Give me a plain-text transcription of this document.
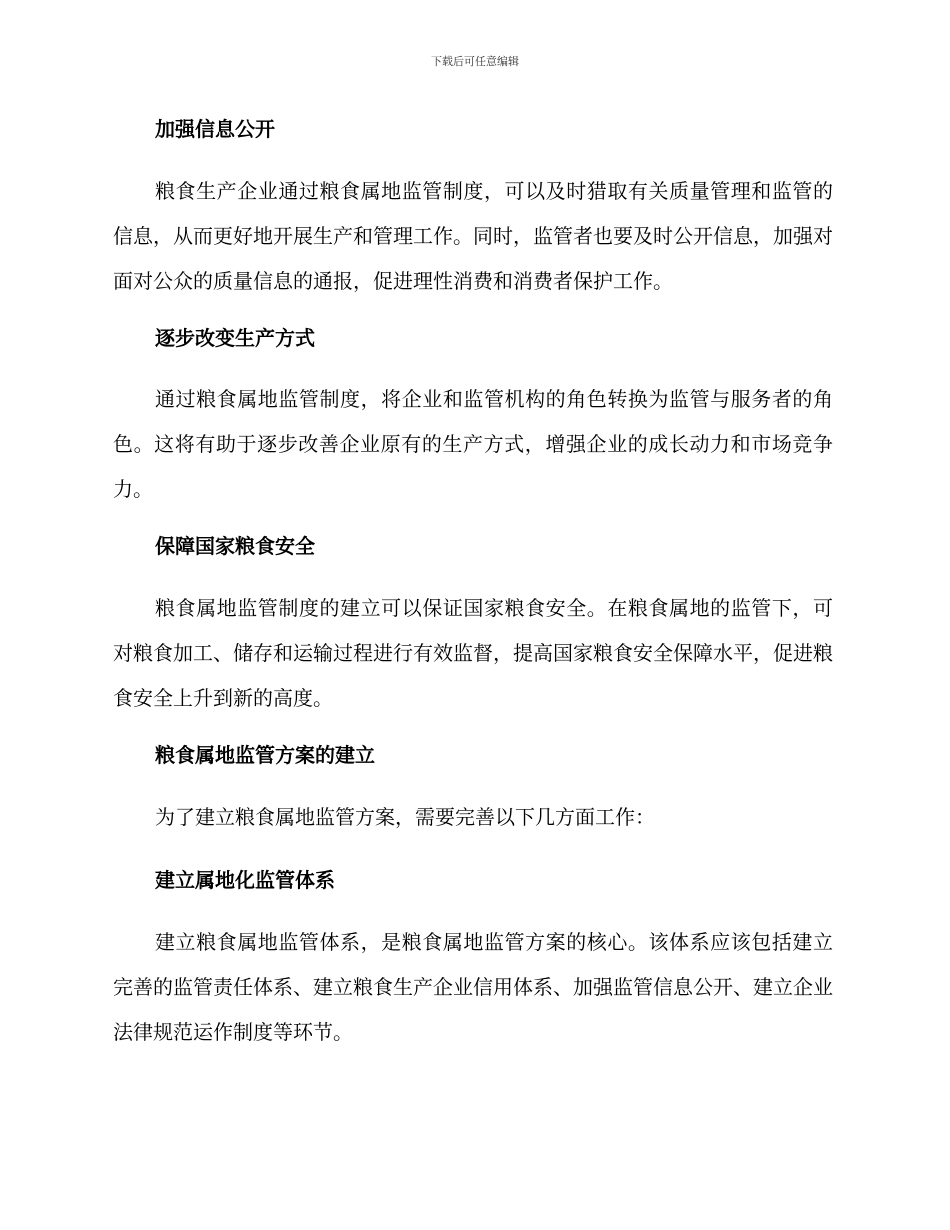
下载后可任意编辑
加强信息公开

粮食生产企业通过粮食属地监管制度，可以及时猎取有关质量管理和监管的信息，从而更好地开展生产和管理工作。同时，监管者也要及时公开信息，加强对面对公众的质量信息的通报，促进理性消费和消费者保护工作。

逐步改变生产方式

通过粮食属地监管制度，将企业和监管机构的角色转换为监管与服务者的角色。这将有助于逐步改善企业原有的生产方式，增强企业的成长动力和市场竞争力。

保障国家粮食安全

粮食属地监管制度的建立可以保证国家粮食安全。在粮食属地的监管下，可对粮食加工、储存和运输过程进行有效监督，提高国家粮食安全保障水平，促进粮食安全上升到新的高度。

粮食属地监管方案的建立

为了建立粮食属地监管方案，需要完善以下几方面工作：

建立属地化监管体系

建立粮食属地监管体系，是粮食属地监管方案的核心。该体系应该包括建立完善的监管责任体系、建立粮食生产企业信用体系、加强监管信息公开、建立企业法律规范运作制度等环节。
